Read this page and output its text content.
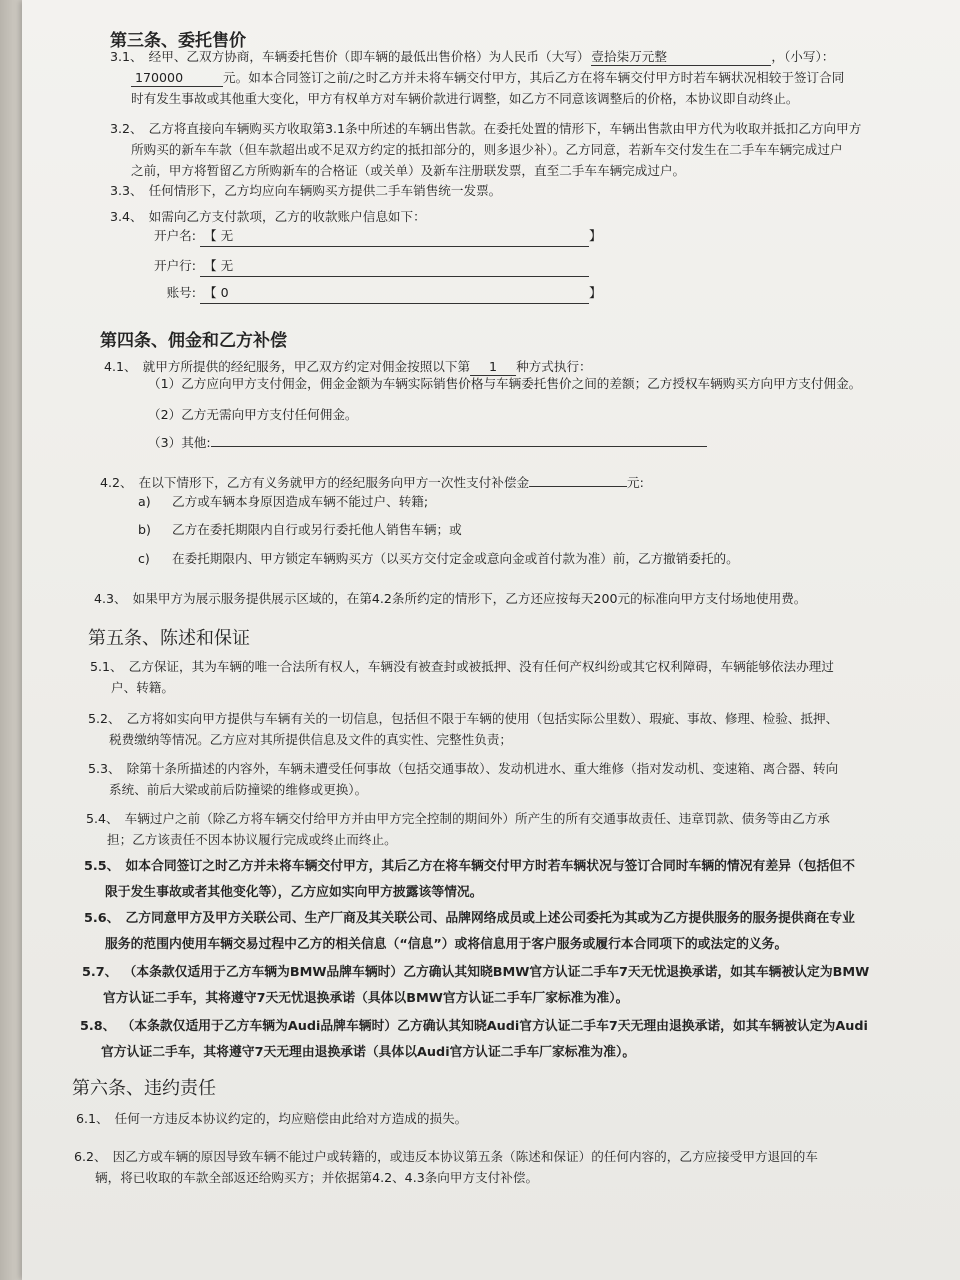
第三条、委托售价
3.1、 经甲、乙双方协商，车辆委托售价（即车辆的最低出售价格）为人民币（大写） 壹拾柒万元整	，（小写）：
170000	元。如本合同签订之前/之时乙方并未将车辆交付甲方，其后乙方在将车辆交付甲方时若车辆状况相较于签订合同
时有发生事故或其他重大变化，甲方有权单方对车辆价款进行调整，如乙方不同意该调整后的价格，本协议即自动终止。
3.2、 乙方将直接向车辆购买方收取第3.1条中所述的车辆出售款。在委托处置的情形下，车辆出售款由甲方代为收取并抵扣乙方向甲方
所购买的新车车款（但车款超出或不足双方约定的抵扣部分的，则多退少补）。乙方同意，若新车交付发生在二手车车辆完成过户
之前，甲方将暂留乙方所购新车的合格证（或关单）及新车注册联发票，直至二手车车辆完成过户。
3.3、 任何情形下，乙方均应向车辆购买方提供二手车销售统一发票。
3.4、 如需向乙方支付款项，乙方的收款账户信息如下：
开户名: 【 无	】
开户行: 【 无
账号: 【 0	】
第四条、佣金和乙方补偿
4.1、 就甲方所提供的经纪服务，甲乙双方约定对佣金按照以下第 1 种方式执行：
（1）乙方应向甲方支付佣金，佣金金额为车辆实际销售价格与车辆委托售价之间的差额；乙方授权车辆购买方向甲方支付佣金。
（2）乙方无需向甲方支付任何佣金。
（3）其他:
4.2、 在以下情形下，乙方有义务就甲方的经纪服务向甲方一次性支付补偿金	元:
a) 乙方或车辆本身原因造成车辆不能过户、转籍;
b) 乙方在委托期限内自行或另行委托他人销售车辆；或
c) 在委托期限内、甲方锁定车辆购买方（以买方交付定金或意向金或首付款为准）前，乙方撤销委托的。
4.3、 如果甲方为展示服务提供展示区域的，在第4.2条所约定的情形下，乙方还应按每天200元的标准向甲方支付场地使用费。
第五条、陈述和保证
5.1、 乙方保证，其为车辆的唯一合法所有权人，车辆没有被查封或被抵押、没有任何产权纠纷或其它权利障碍，车辆能够依法办理过
户、转籍。
5.2、 乙方将如实向甲方提供与车辆有关的一切信息，包括但不限于车辆的使用（包括实际公里数）、瑕疵、事故、修理、检验、抵押、
税费缴纳等情况。乙方应对其所提供信息及文件的真实性、完整性负责；
5.3、 除第十条所描述的内容外，车辆未遭受任何事故（包括交通事故）、发动机进水、重大维修（指对发动机、变速箱、离合器、转向
系统、前后大梁或前后防撞梁的维修或更换）。
5.4、 车辆过户之前（除乙方将车辆交付给甲方并由甲方完全控制的期间外）所产生的所有交通事故责任、违章罚款、债务等由乙方承
担；乙方该责任不因本协议履行完成或终止而终止。
5.5、 如本合同签订之时乙方并未将车辆交付甲方，其后乙方在将车辆交付甲方时若车辆状况与签订合同时车辆的情况有差异（包括但不
限于发生事故或者其他变化等），乙方应如实向甲方披露该等情况。
5.6、 乙方同意甲方及甲方关联公司、生产厂商及其关联公司、品牌网络成员或上述公司委托为其或为乙方提供服务的服务提供商在专业
服务的范围内使用车辆交易过程中乙方的相关信息（“信息”）或将信息用于客户服务或履行本合同项下的或法定的义务。
5.7、 （本条款仅适用于乙方车辆为BMW品牌车辆时）乙方确认其知晓BMW官方认证二手车7天无忧退换承诺，如其车辆被认定为BMW
官方认证二手车，其将遵守7天无忧退换承诺（具体以BMW官方认证二手车厂家标准为准）。
5.8、 （本条款仅适用于乙方车辆为Audi品牌车辆时）乙方确认其知晓Audi官方认证二手车7天无理由退换承诺，如其车辆被认定为Audi
官方认证二手车，其将遵守7天无理由退换承诺（具体以Audi官方认证二手车厂家标准为准）。
第六条、违约责任
6.1、 任何一方违反本协议约定的，均应赔偿由此给对方造成的损失。
6.2、 因乙方或车辆的原因导致车辆不能过户或转籍的，或违反本协议第五条（陈述和保证）的任何内容的，乙方应接受甲方退回的车
辆，将已收取的车款全部返还给购买方；并依据第4.2、4.3条向甲方支付补偿。
